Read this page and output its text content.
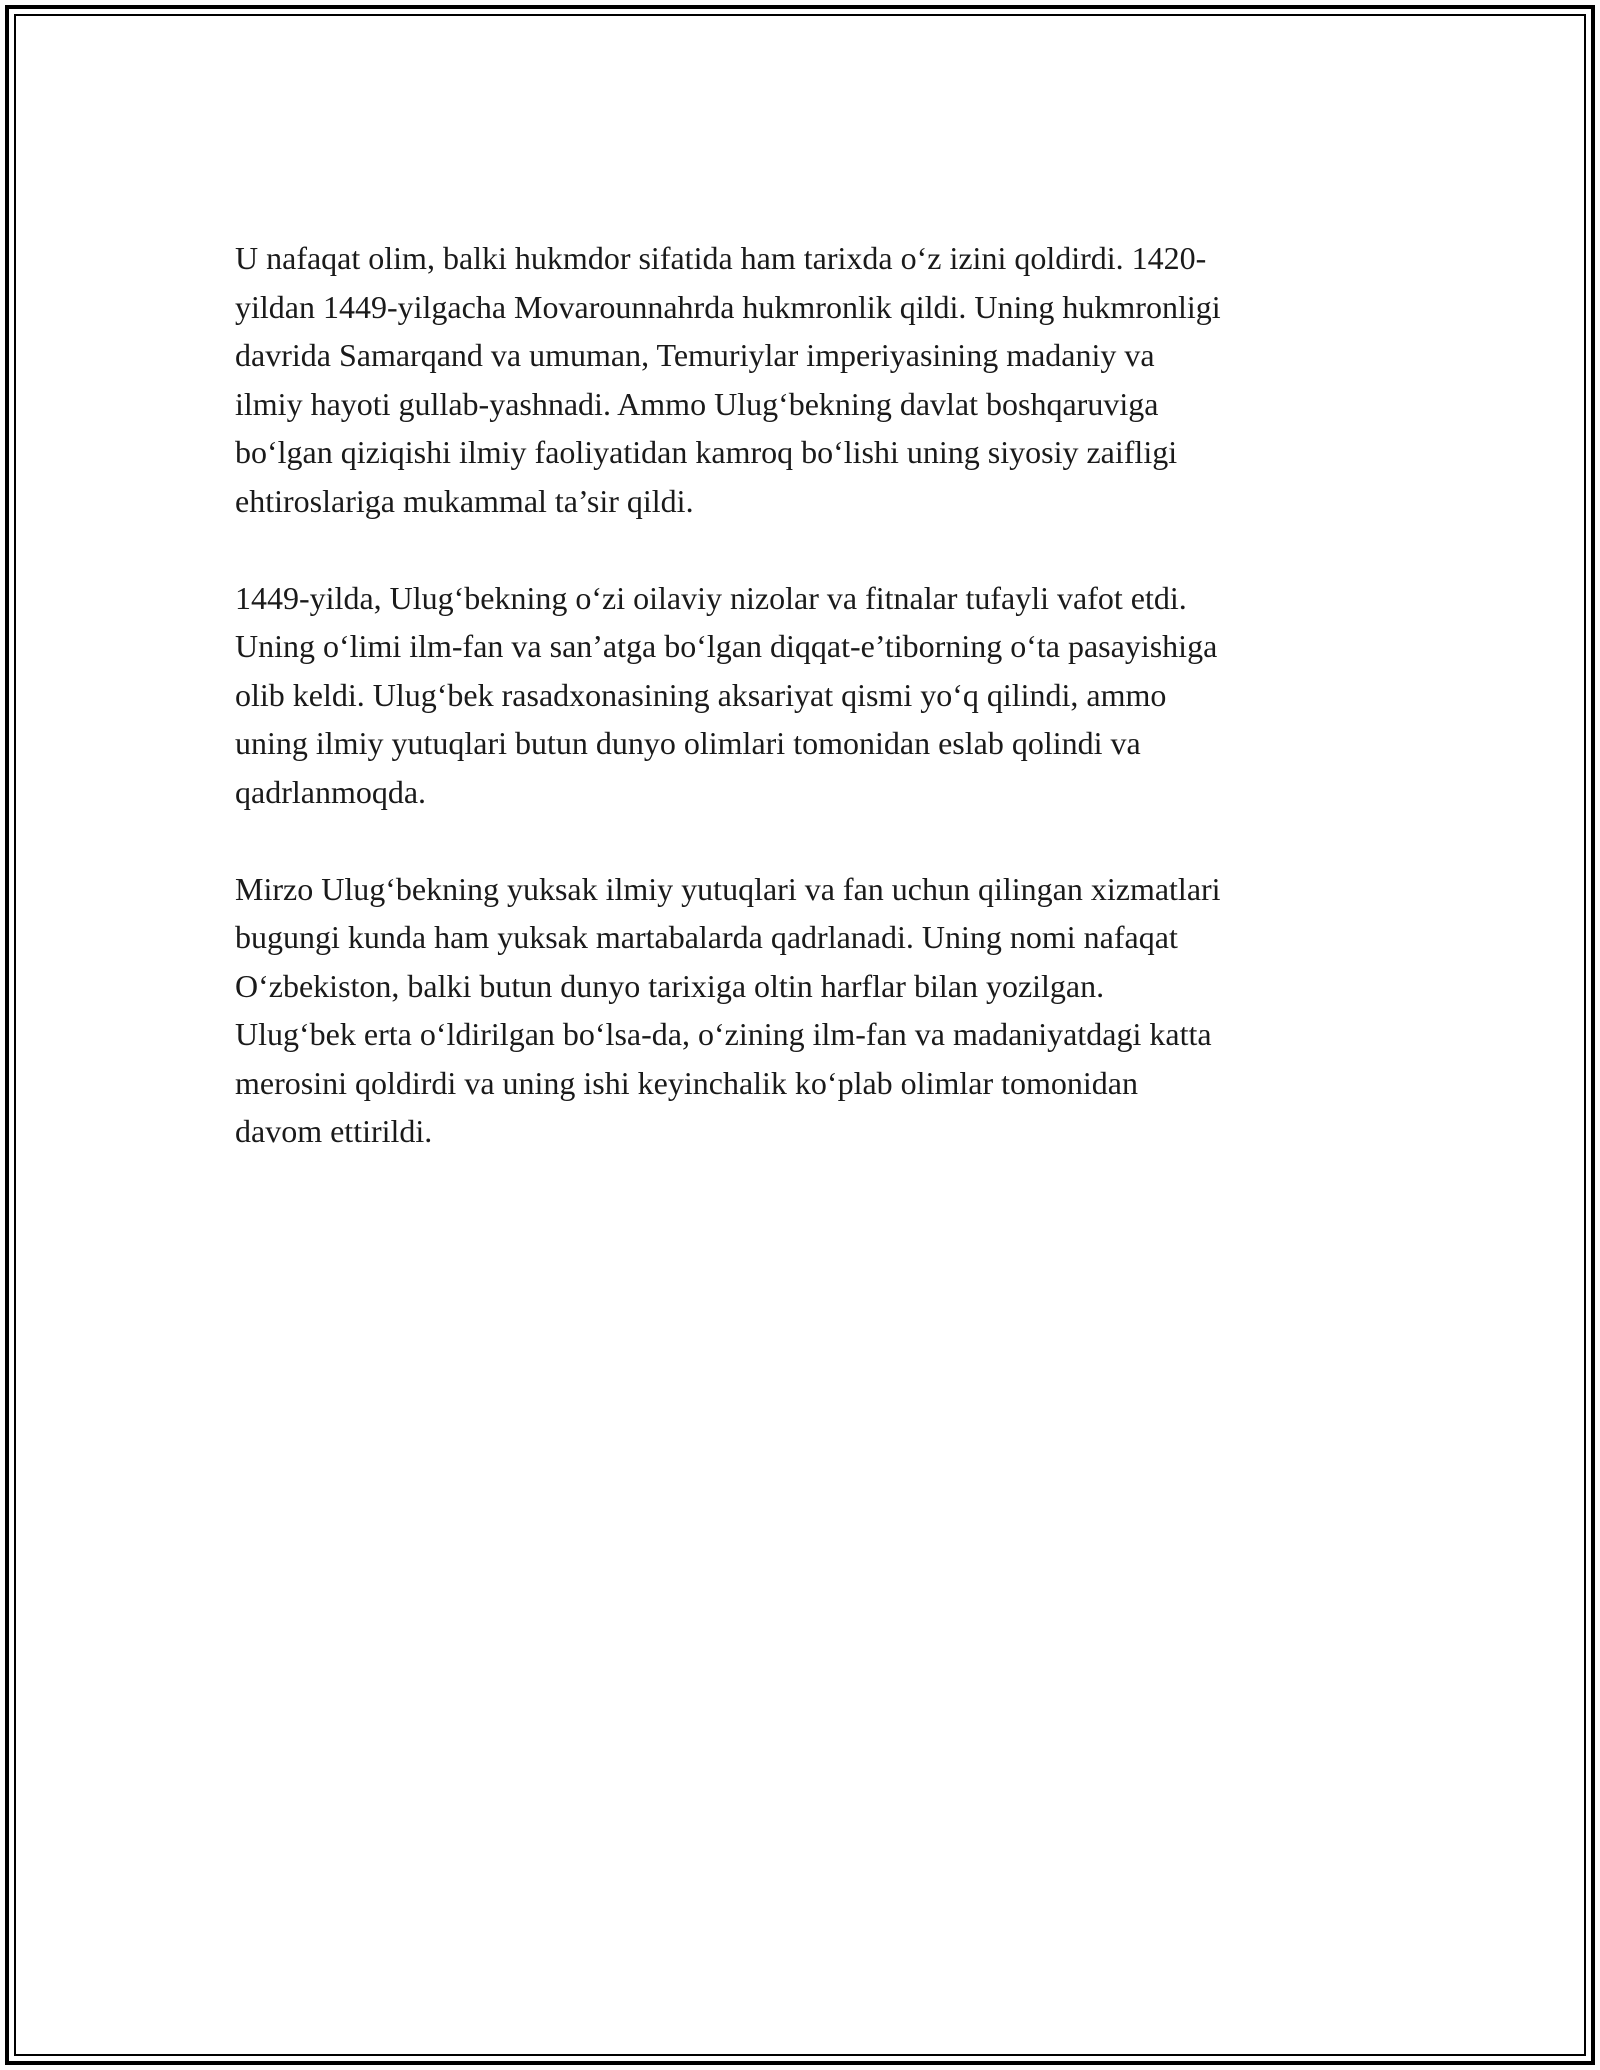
U nafaqat olim, balki hukmdor sifatida ham tarixda o‘z izini qoldirdi. 1420-
yildan 1449-yilgacha Movarounnahrda hukmronlik qildi. Uning hukmronligi
davrida Samarqand va umuman, Temuriylar imperiyasining madaniy va
ilmiy hayoti gullab-yashnadi. Ammo Ulug‘bekning davlat boshqaruviga
bo‘lgan qiziqishi ilmiy faoliyatidan kamroq bo‘lishi uning siyosiy zaifligi
ehtiroslariga mukammal ta’sir qildi.

1449-yilda, Ulug‘bekning o‘zi oilaviy nizolar va fitnalar tufayli vafot etdi.
Uning o‘limi ilm-fan va san’atga bo‘lgan diqqat-e’tiborning o‘ta pasayishiga
olib keldi. Ulug‘bek rasadxonasining aksariyat qismi yo‘q qilindi, ammo
uning ilmiy yutuqlari butun dunyo olimlari tomonidan eslab qolindi va
qadrlanmoqda.

Mirzo Ulug‘bekning yuksak ilmiy yutuqlari va fan uchun qilingan xizmatlari
bugungi kunda ham yuksak martabalarda qadrlanadi. Uning nomi nafaqat
O‘zbekiston, balki butun dunyo tarixiga oltin harflar bilan yozilgan.
Ulug‘bek erta o‘ldirilgan bo‘lsa-da, o‘zining ilm-fan va madaniyatdagi katta
merosini qoldirdi va uning ishi keyinchalik ko‘plab olimlar tomonidan
davom ettirildi.
